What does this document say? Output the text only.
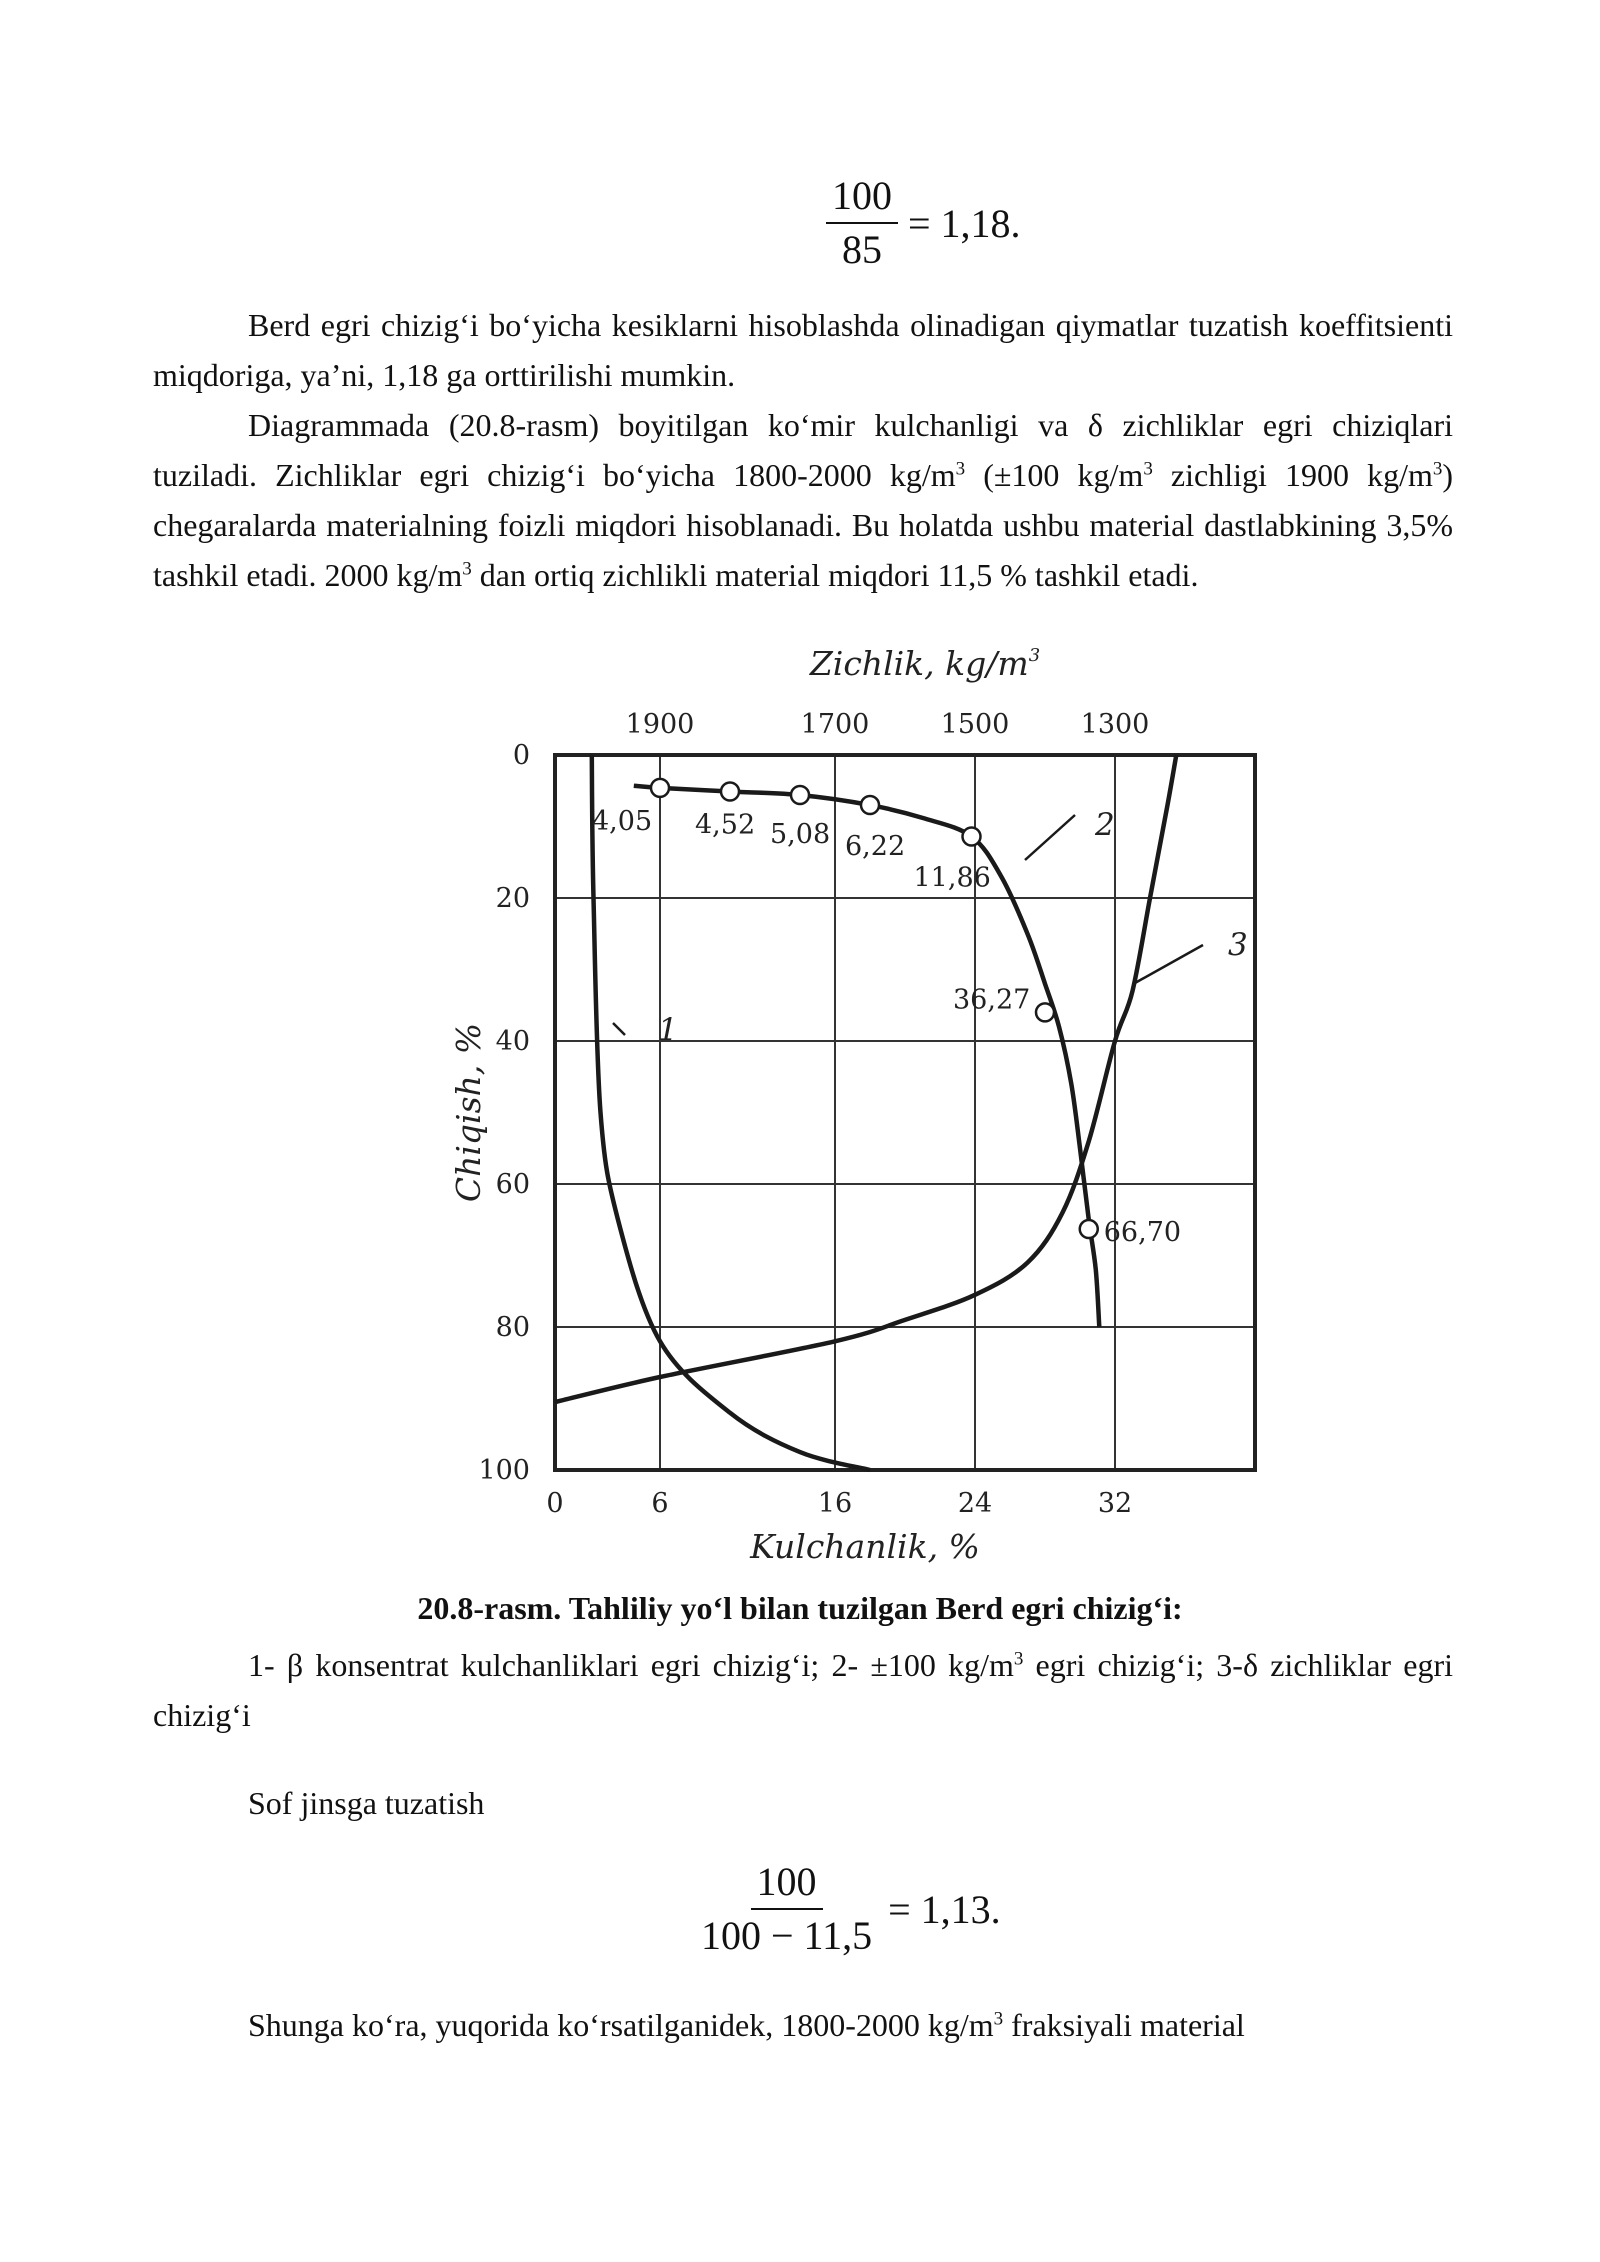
$\frac{100}{85} = 1,18$.

Berd egri chizig‘i bo‘yicha kesiklarni hisoblashda olinadigan qiymatlar tuzatish koeffitsienti miqdoriga, ya’ni, 1,18 ga orttirilishi mumkin.

Diagrammada (20.8-rasm) boyitilgan ko‘mir kulchanligi va δ zichliklar egri chiziqlari tuziladi. Zichliklar egri chizig‘i bo‘yicha 1800-2000 $kg/m^3$ (±100 $kg/m^3$ zichligi 1900 $kg/m^3$) chegaralarda materialning foizli miqdori hisoblanadi. Bu holatda ushbu material dastlabkining 3,5% tashkil etadi. 2000 $kg/m^3$ dan ortiq zichlikli material miqdori 11,5 % tashkil etadi.

0	6	16	24	32
0
20
40
60
80
100
1900	1700	1500	1300
Zichlik, $kg/m^3$
Kulchanlik, %
Chiqish, %	1
2
3
4,05 4,52 5,08 6,22
11,86
36,27
66,70
20.8-rasm. Tahliliy yo‘l bilan tuzilgan Berd egri chizig‘i:

1- β konsentrat kulchanliklari egri chizig‘i; 2- ±100 $kg/m^3$ egri chizig‘i; 3-δ zichliklar egri chizig‘i

Sof jinsga tuzatish

$\frac{100}{100 - 11,5} = 1,13$.

Shunga ko‘ra, yuqorida ko‘rsatilganidek, 1800-2000 $kg/m^3$ fraksiyali material
